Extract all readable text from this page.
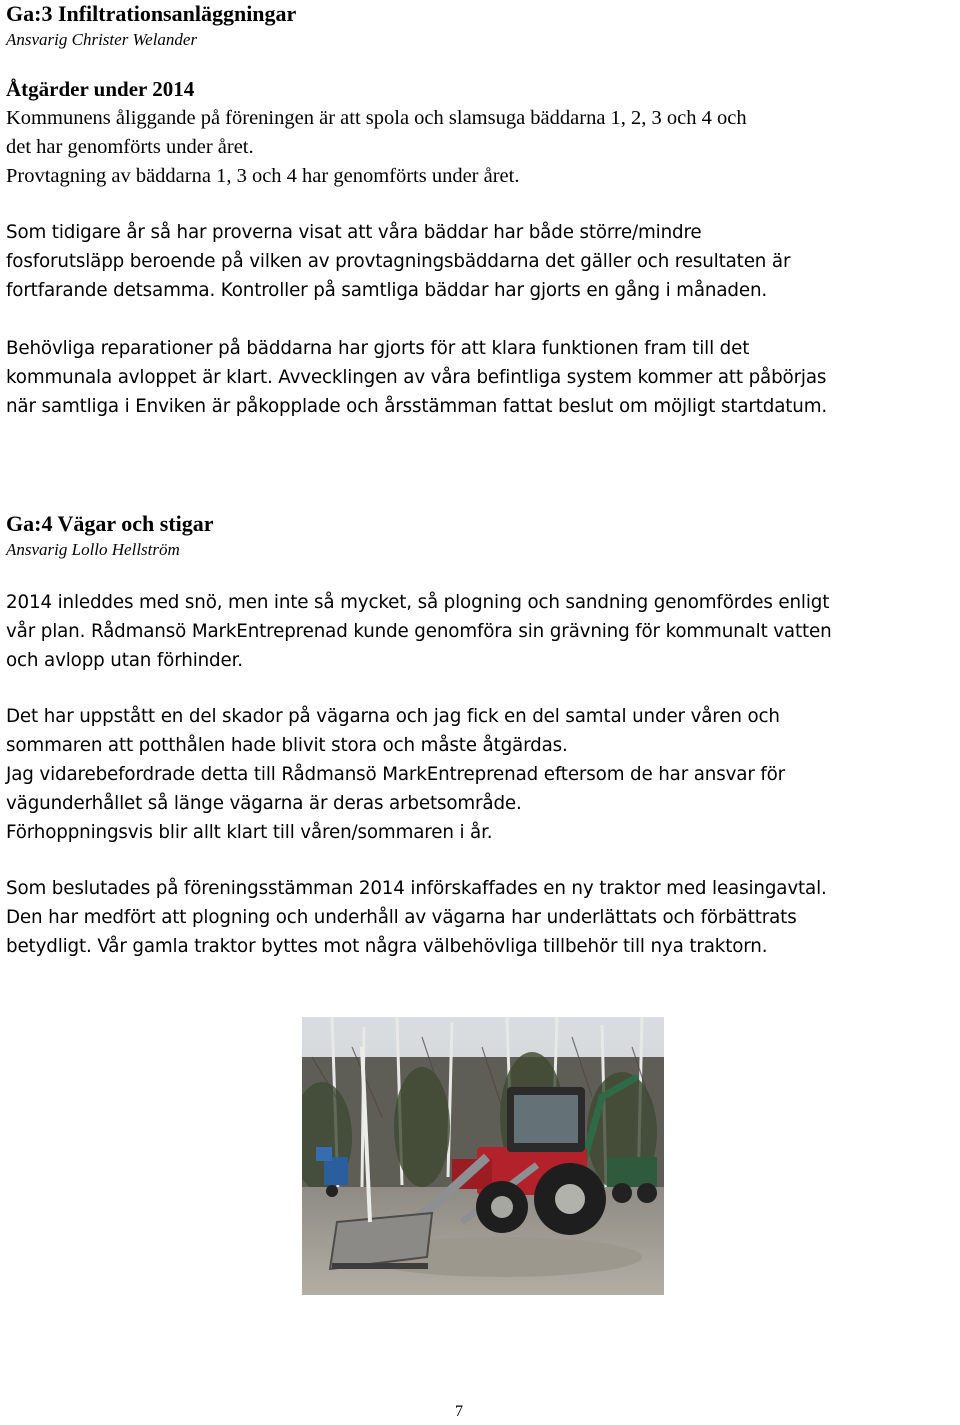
Ga:3 Infiltrationsanläggningar
Ansvarig Christer Welander
Åtgärder under 2014
Kommunens åliggande på föreningen är att spola och slamsuga bäddarna 1, 2, 3 och 4 och
det har genomförts under året.
Provtagning av bäddarna 1, 3 och 4 har genomförts under året.
Som tidigare år så har proverna visat att våra bäddar har både större/mindre
fosforutsläpp beroende på vilken av provtagningsbäddarna det gäller och resultaten är
fortfarande detsamma. Kontroller på samtliga bäddar har gjorts en gång i månaden.
Behövliga reparationer på bäddarna har gjorts för att klara funktionen fram till det
kommunala avloppet är klart. Avvecklingen av våra befintliga system kommer att påbörjas
när samtliga i Enviken är påkopplade och årsstämman fattat beslut om möjligt startdatum.
Ga:4 Vägar och stigar
Ansvarig Lollo Hellström
2014 inleddes med snö, men inte så mycket, så plogning och sandning genomfördes enligt
vår plan. Rådmansö MarkEntreprenad kunde genomföra sin grävning för kommunalt vatten
och avlopp utan förhinder.
Det har uppstått en del skador på vägarna och jag fick en del samtal under våren och
sommaren att potthålen hade blivit stora och måste åtgärdas.
Jag vidarebefordrade detta till Rådmansö MarkEntreprenad eftersom de har ansvar för
vägunderhållet så länge vägarna är deras arbetsområde.
Förhoppningsvis blir allt klart till våren/sommaren i år.
Som beslutades på föreningsstämman 2014 införskaffades en ny traktor med leasingavtal.
Den har medfört att plogning och underhåll av vägarna har underlättats och förbättrats
betydligt. Vår gamla traktor byttes mot några välbehövliga tillbehör till nya traktorn.
7
